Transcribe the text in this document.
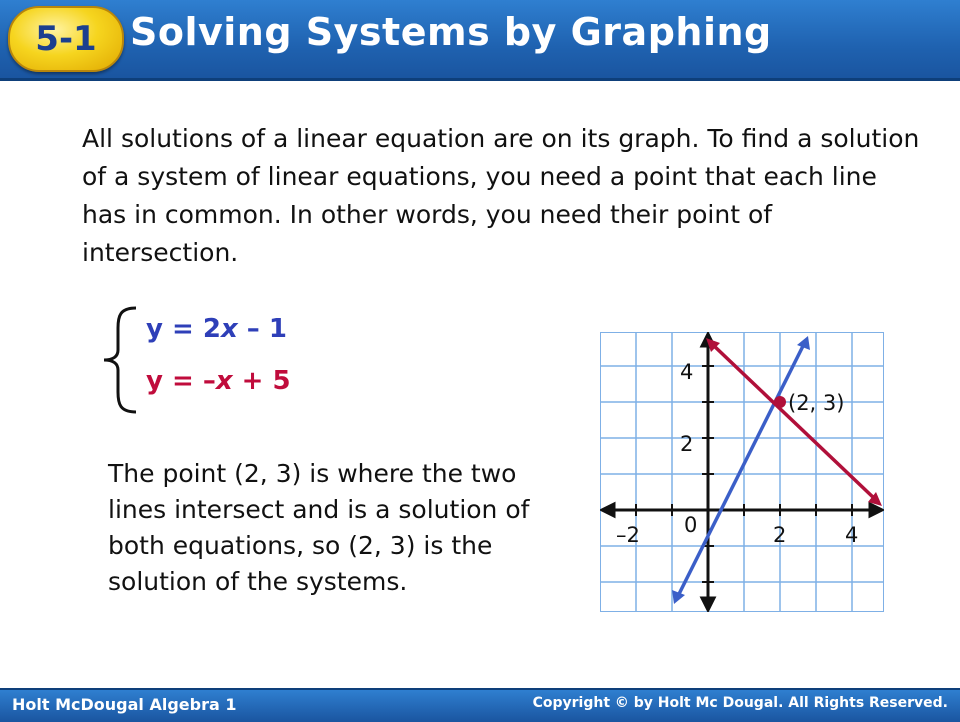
5-1 Solving Systems by Graphing

All solutions of a linear equation are on its graph. To find a solution of a system of linear equations, you need a point that each line has in common. In other words, you need their point of intersection.

y = 2x – 1
y = –x + 5

The point (2, 3) is where the two lines intersect and is a solution of both equations, so (2, 3) is the solution of the systems.

(2, 3)
4
2
–2 0	2	4
Holt McDougal Algebra 1	Copyright © by Holt Mc Dougal. All Rights Reserved.
